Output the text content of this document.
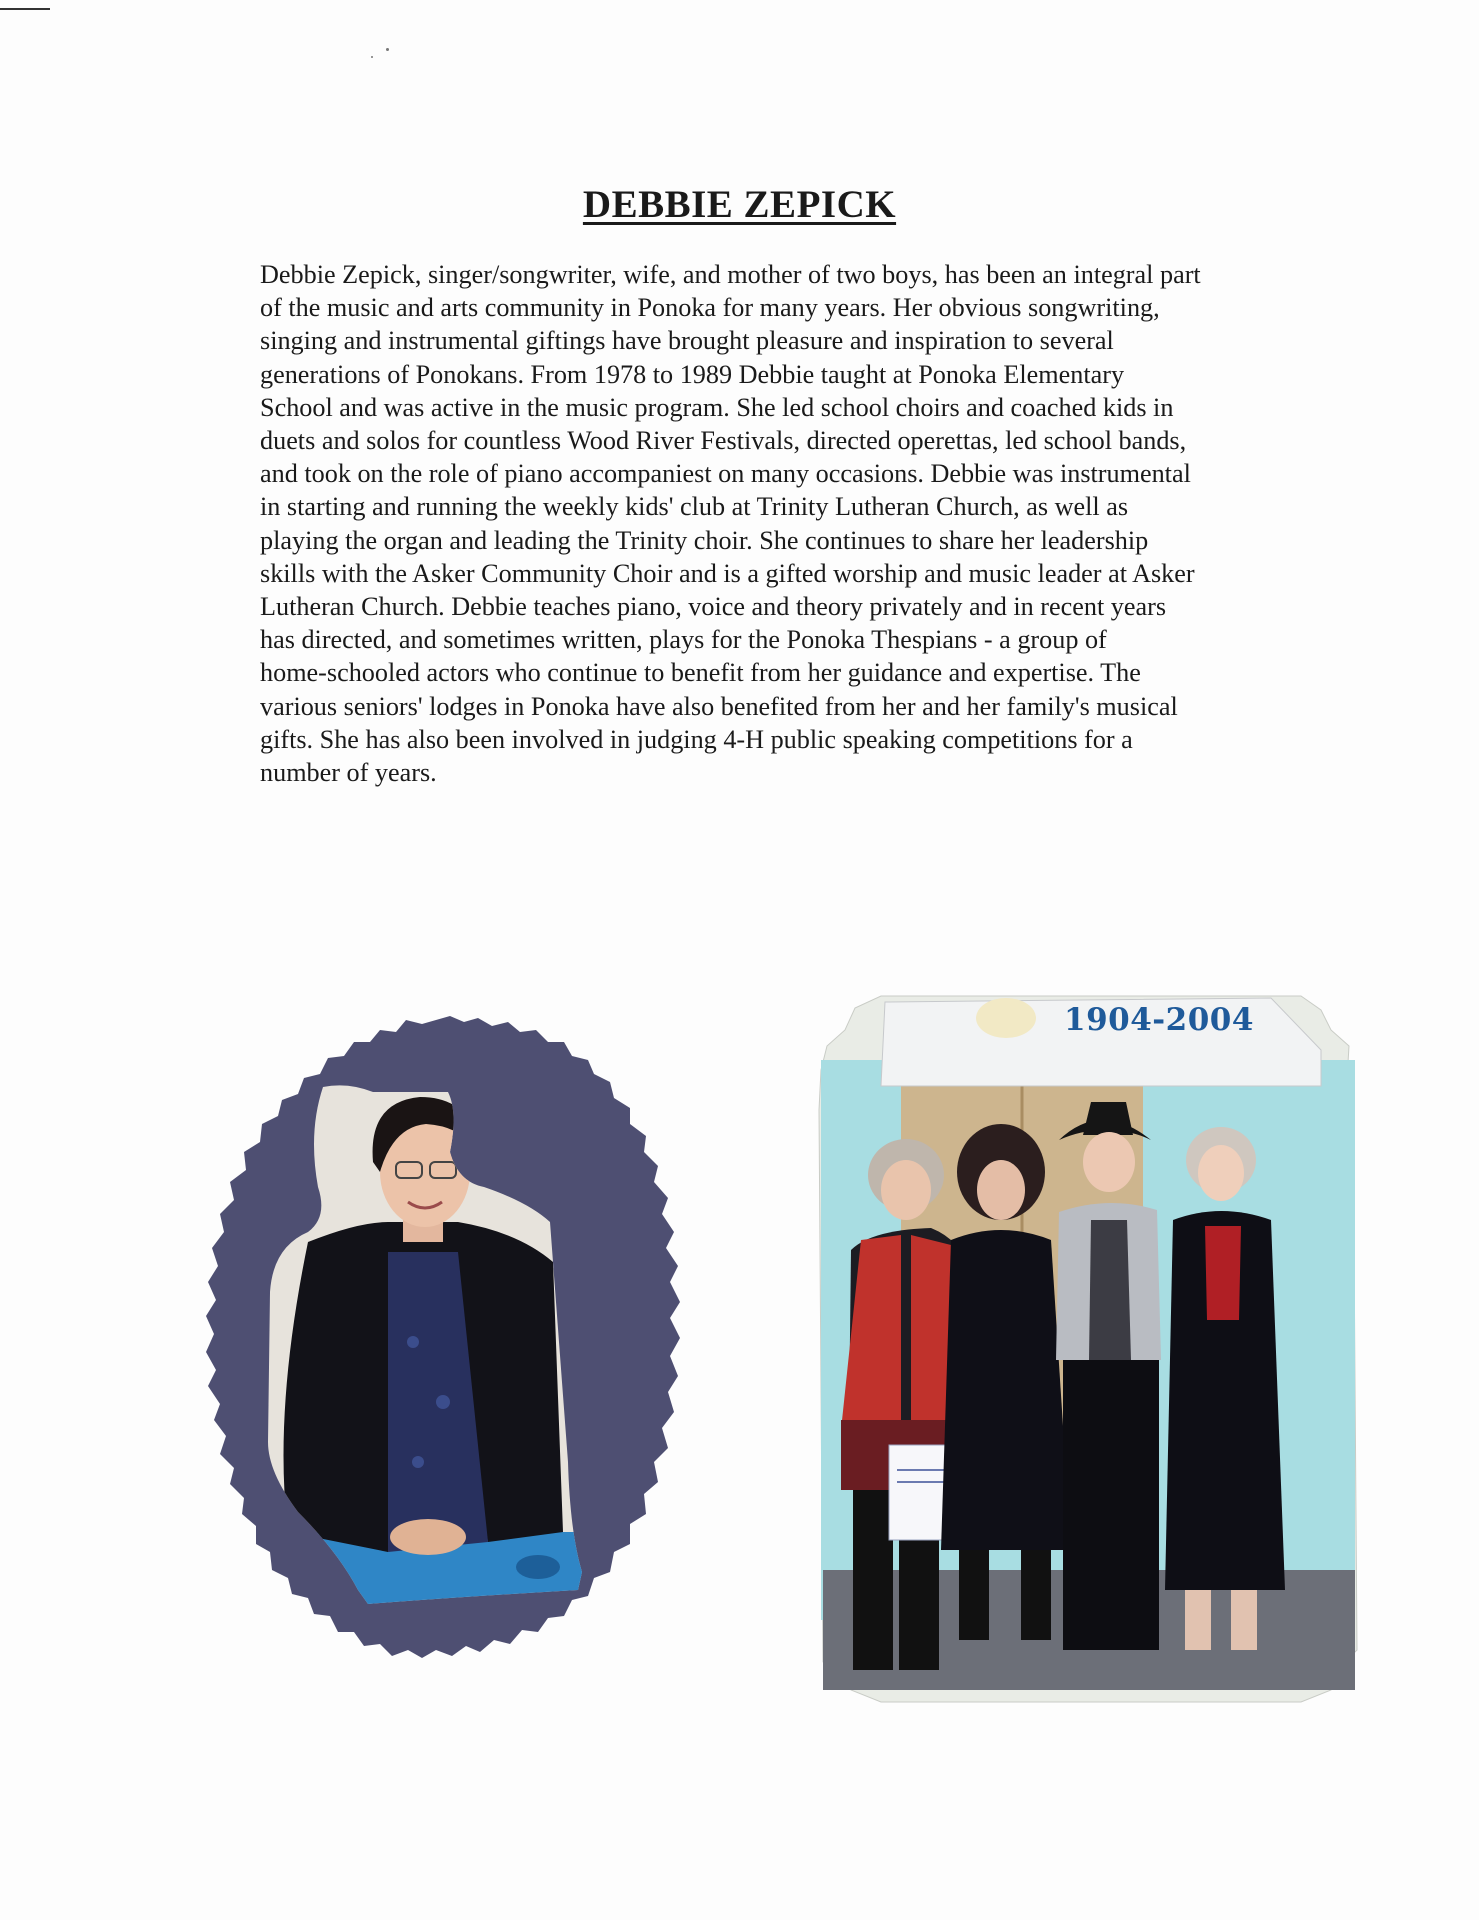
DEBBIE ZEPICK
Debbie Zepick, singer/songwriter, wife, and mother of two boys, has been an integral part
of the music and arts community in Ponoka for many years. Her obvious songwriting,
singing and instrumental giftings have brought pleasure and inspiration to several
generations of Ponokans. From 1978 to 1989 Debbie taught at Ponoka Elementary
School and was active in the music program. She led school choirs and coached kids in
duets and solos for countless Wood River Festivals, directed operettas, led school bands,
and took on the role of piano accompaniest on many occasions. Debbie was instrumental
in starting and running the weekly kids' club at Trinity Lutheran Church, as well as
playing the organ and leading the Trinity choir. She continues to share her leadership
skills with the Asker Community Choir and is a gifted worship and music leader at Asker
Lutheran Church. Debbie teaches piano, voice and theory privately and in recent years
has directed, and sometimes written, plays for the Ponoka Thespians - a group of
home-schooled actors who continue to benefit from her guidance and expertise. The
various seniors' lodges in Ponoka have also benefited from her and her family's musical
gifts. She has also been involved in judging 4-H public speaking competitions for a
number of years.
1904-2004
